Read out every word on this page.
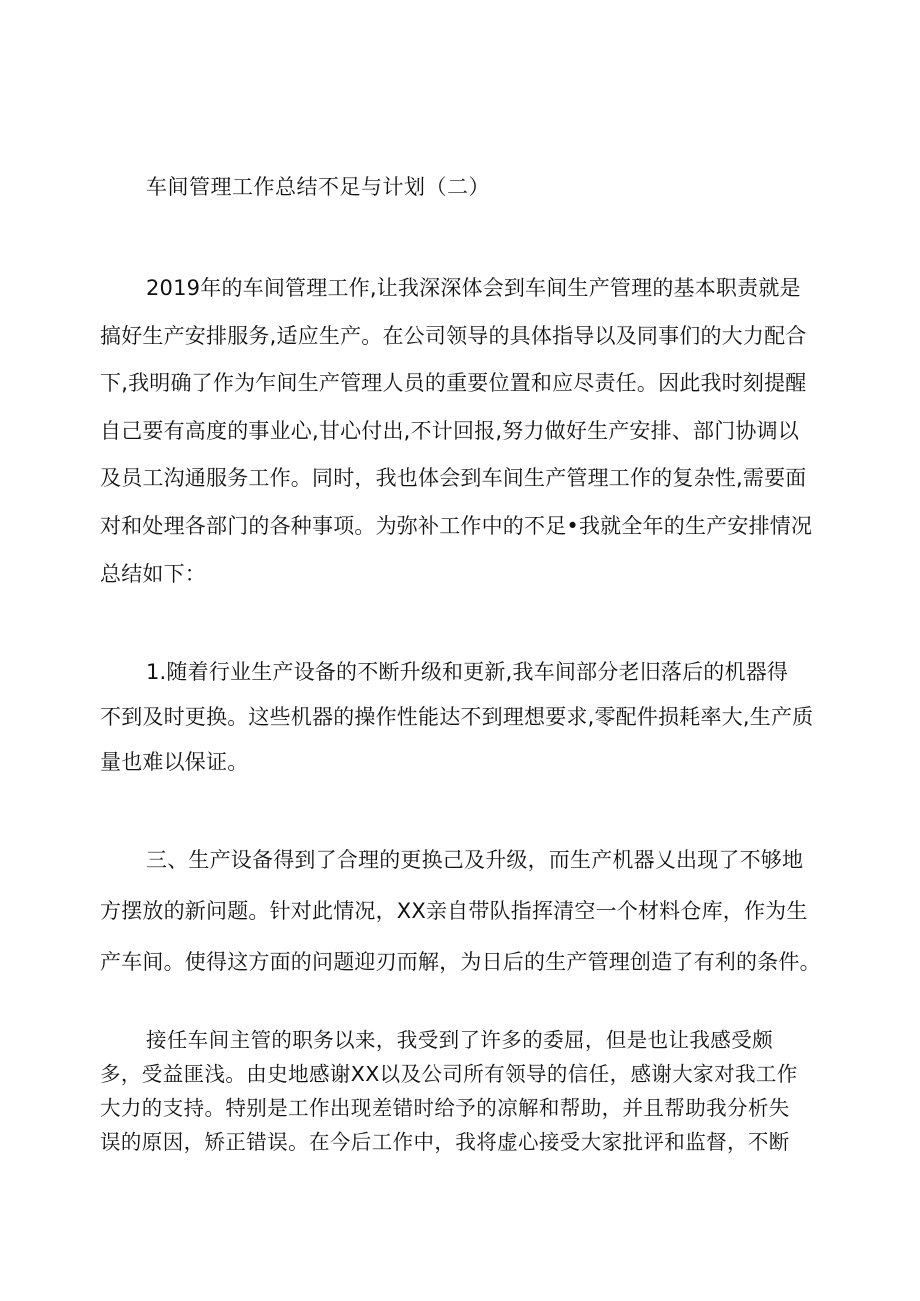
车间管理工作总结不足与计划（二）
2019年的车间管理工作,让我深深体会到车间生产管理的基本职责就是
搞好生产安排服务,适应生产。在公司领导的具体指导以及同事们的大力配合
下,我明确了作为乍间生产管理人员的重要位置和应尽责任。因此我时刻提醒
自己要有高度的事业心,甘心付出,不计回报,努力做好生产安排、部门协调以
及员工沟通服务工作。同时，我也体会到车间生产管理工作的复杂性,需要面
对和处理各部门的各种事项。为弥补工作中的不足•我就全年的生产安排情况
总结如下：
1.随着行业生产设备的不断升级和更新,我车间部分老旧落后的机器得
不到及时更换。这些机器的操作性能达不到理想要求,零配件损耗率大,生产质
量也难以保证。
三、生产设备得到了合理的更换己及升级，而生产机器乂出现了不够地
方摆放的新问题。针对此情况，XX亲自带队指挥清空一个材料仓库，作为生
产车间。使得这方面的问题迎刃而解，为日后的生产管理创造了有利的条件。
接任车间主管的职务以来，我受到了许多的委屈，但是也让我感受颇
多，受益匪浅。由史地感谢XX以及公司所有领导的信任，感谢大家对我工作
大力的支持。特别是工作出现差错时给予的凉解和帮助，并且帮助我分析失
误的原因，矫正错误。在今后工作中，我将虚心接受大家批评和监督，不断
